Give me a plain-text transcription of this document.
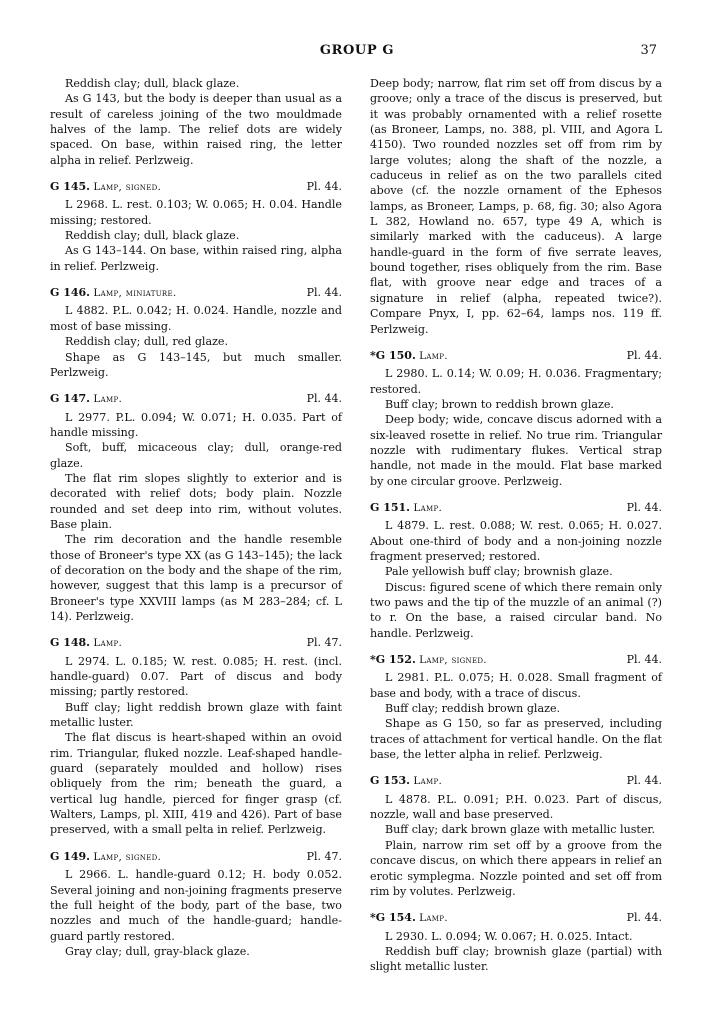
GROUP G	37

Reddish clay; dull, black glaze.

As G 143, but the body is deeper than usual as a result of careless joining of the two mouldmade halves of the lamp. The relief dots are widely spaced. On base, within raised ring, the letter alpha in relief. Perlzweig.

G 145. Lamp, signed.	Pl. 44.

L 2968. L. rest. 0.103; W. 0.065; H. 0.04. Handle missing; restored.

Reddish clay; dull, black glaze.

As G 143–144. On base, within raised ring, alpha in relief. Perlzweig.

G 146. Lamp, miniature.	Pl. 44.

L 4882. P.L. 0.042; H. 0.024. Handle, nozzle and most of base missing.

Reddish clay; dull, red glaze.

Shape as G 143–145, but much smaller. Perlzweig.

G 147. Lamp.	Pl. 44.

L 2977. P.L. 0.094; W. 0.071; H. 0.035. Part of handle missing.

Soft, buff, micaceous clay; dull, orange-red glaze.

The flat rim slopes slightly to exterior and is decorated with relief dots; body plain. Nozzle rounded and set deep into rim, without volutes. Base plain.

The rim decoration and the handle resemble those of Broneer's type XX (as G 143–145); the lack of decoration on the body and the shape of the rim, however, suggest that this lamp is a precursor of Broneer's type XXVIII lamps (as M 283–284; cf. L 14). Perlzweig.

G 148. Lamp.	Pl. 47.

L 2974. L. 0.185; W. rest. 0.085; H. rest. (incl. handle-guard) 0.07. Part of discus and body missing; partly restored.

Buff clay; light reddish brown glaze with faint metallic luster.

The flat discus is heart-shaped within an ovoid rim. Triangular, fluked nozzle. Leaf-shaped handle-guard (separately moulded and hollow) rises obliquely from the rim; beneath the guard, a vertical lug handle, pierced for finger grasp (cf. Walters, Lamps, pl. XIII, 419 and 426). Part of base preserved, with a small pelta in relief. Perlzweig.

G 149. Lamp, signed.	Pl. 47.

L 2966. L. handle-guard 0.12; H. body 0.052. Several joining and non-joining fragments preserve the full height of the body, part of the base, two nozzles and much of the handle-guard; handle-guard partly restored.

Gray clay; dull, gray-black glaze.

Deep body; narrow, flat rim set off from discus by a groove; only a trace of the discus is preserved, but it was probably ornamented with a relief rosette (as Broneer, Lamps, no. 388, pl. VIII, and Agora L 4150). Two rounded nozzles set off from rim by large volutes; along the shaft of the nozzle, a caduceus in relief as on the two parallels cited above (cf. the nozzle ornament of the Ephesos lamps, as Broneer, Lamps, p. 68, fig. 30; also Agora L 382, Howland no. 657, type 49 A, which is similarly marked with the caduceus). A large handle-guard in the form of five serrate leaves, bound together, rises obliquely from the rim. Base flat, with groove near edge and traces of a signature in relief (alpha, repeated twice?). Compare Pnyx, I, pp. 62–64, lamps nos. 119 ff. Perlzweig.

*G 150. Lamp.	Pl. 44.

L 2980. L. 0.14; W. 0.09; H. 0.036. Fragmentary; restored.

Buff clay; brown to reddish brown glaze.

Deep body; wide, concave discus adorned with a six-leaved rosette in relief. No true rim. Triangular nozzle with rudimentary flukes. Vertical strap handle, not made in the mould. Flat base marked by one circular groove. Perlzweig.

G 151. Lamp.	Pl. 44.

L 4879. L. rest. 0.088; W. rest. 0.065; H. 0.027. About one-third of body and a non-joining nozzle fragment preserved; restored.

Pale yellowish buff clay; brownish glaze.

Discus: figured scene of which there remain only two paws and the tip of the muzzle of an animal (?) to r. On the base, a raised circular band. No handle. Perlzweig.

*G 152. Lamp, signed.	Pl. 44.

L 2981. P.L. 0.075; H. 0.028. Small fragment of base and body, with a trace of discus.

Buff clay; reddish brown glaze.

Shape as G 150, so far as preserved, including traces of attachment for vertical handle. On the flat base, the letter alpha in relief. Perlzweig.

G 153. Lamp.	Pl. 44.

L 4878. P.L. 0.091; P.H. 0.023. Part of discus, nozzle, wall and base preserved.

Buff clay; dark brown glaze with metallic luster.

Plain, narrow rim set off by a groove from the concave discus, on which there appears in relief an erotic symplegma. Nozzle pointed and set off from rim by volutes. Perlzweig.

*G 154. Lamp.	Pl. 44.

L 2930. L. 0.094; W. 0.067; H. 0.025. Intact.

Reddish buff clay; brownish glaze (partial) with slight metallic luster.
